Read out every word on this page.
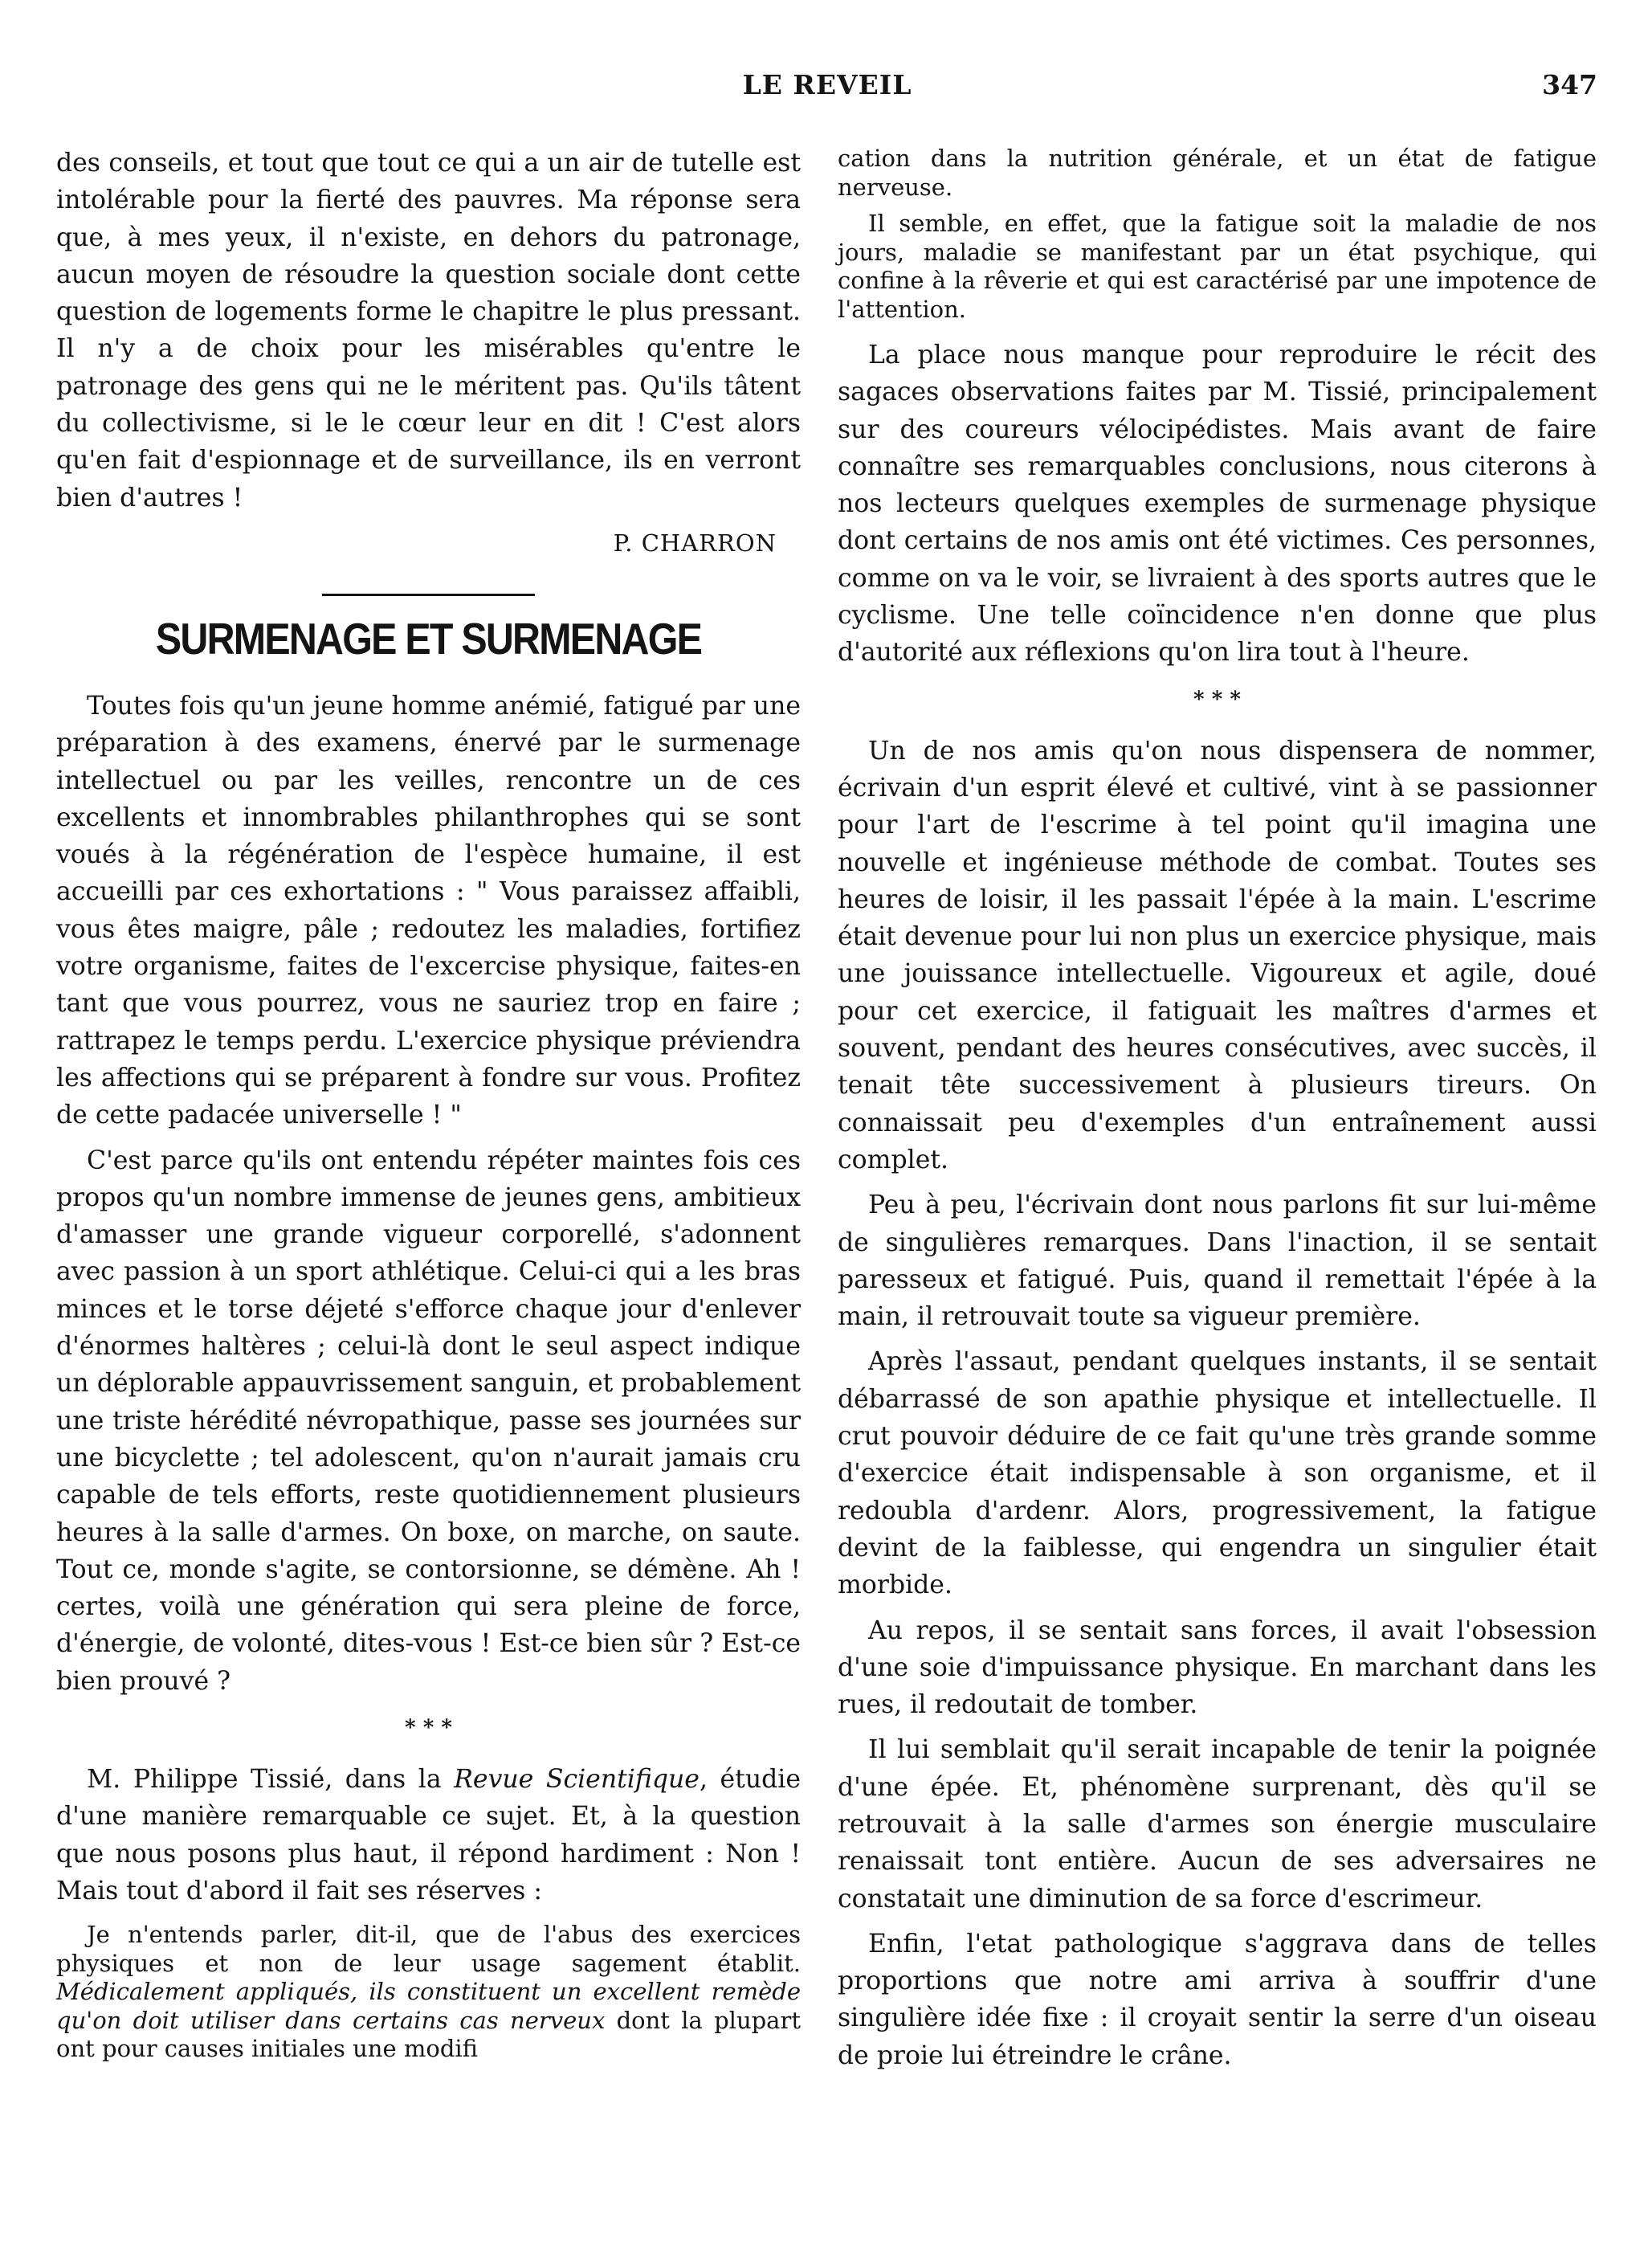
LE REVEIL	347

des conseils, et tout que tout ce qui a un air de tutelle est intolérable pour la fierté des pauvres. Ma réponse sera que, à mes yeux, il n'existe, en dehors du patronage, aucun moyen de résoudre la question sociale dont cette question de logements forme le chapitre le plus pressant. Il n'y a de choix pour les misérables qu'entre le patronage des gens qui ne le méritent pas. Qu'ils tâtent du collectivisme, si le le cœur leur en dit ! C'est alors qu'en fait d'espionnage et de surveillance, ils en verront bien d'autres !

P. CHARRON

SURMENAGE ET SURMENAGE

Toutes fois qu'un jeune homme anémié, fatigué par une préparation à des examens, énervé par le surmenage intellectuel ou par les veilles, rencontre un de ces excellents et innombrables philanthrophes qui se sont voués à la régénération de l'espèce humaine, il est accueilli par ces exhortations : " Vous paraissez affaibli, vous êtes maigre, pâle ; redoutez les maladies, fortifiez votre organisme, faites de l'excercise physique, faites-en tant que vous pourrez, vous ne sauriez trop en faire ; rattrapez le temps perdu. L'exercice physique préviendra les affections qui se préparent à fondre sur vous. Profitez de cette padacée universelle ! "

C'est parce qu'ils ont entendu répéter maintes fois ces propos qu'un nombre immense de jeunes gens, ambitieux d'amasser une grande vigueur corporellé, s'adonnent avec passion à un sport athlétique. Celui-ci qui a les bras minces et le torse déjeté s'efforce chaque jour d'enlever d'énormes haltères ; celui-là dont le seul aspect indique un déplorable appauvrissement sanguin, et probablement une triste hérédité névropathique, passe ses journées sur une bicyclette ; tel adolescent, qu'on n'aurait jamais cru capable de tels efforts, reste quotidiennement plusieurs heures à la salle d'armes. On boxe, on marche, on saute. Tout ce, monde s'agite, se contorsionne, se démène. Ah ! certes, voilà une génération qui sera pleine de force, d'énergie, de volonté, dites-vous ! Est-ce bien sûr ? Est-ce bien prouvé ?

* * *

M. Philippe Tissié, dans la Revue Scientifique, étudie d'une manière remarquable ce sujet. Et, à la question que nous posons plus haut, il répond hardiment : Non ! Mais tout d'abord il fait ses réserves :

Je n'entends parler, dit-il, que de l'abus des exercices physiques et non de leur usage sagement établit. Médicalement appliqués, ils constituent un excellent remède qu'on doit utiliser dans certains cas nerveux dont la plupart ont pour causes initiales une modifi

cation dans la nutrition générale, et un état de fatigue nerveuse.

Il semble, en effet, que la fatigue soit la maladie de nos jours, maladie se manifestant par un état psychique, qui confine à la rêverie et qui est caractérisé par une impotence de l'attention.

La place nous manque pour reproduire le récit des sagaces observations faites par M. Tissié, principalement sur des coureurs vélocipédistes. Mais avant de faire connaître ses remarquables conclusions, nous citerons à nos lecteurs quelques exemples de surmenage physique dont certains de nos amis ont été victimes. Ces personnes, comme on va le voir, se livraient à des sports autres que le cyclisme. Une telle coïncidence n'en donne que plus d'autorité aux réflexions qu'on lira tout à l'heure.

* * *

Un de nos amis qu'on nous dispensera de nommer, écrivain d'un esprit élevé et cultivé, vint à se passionner pour l'art de l'escrime à tel point qu'il imagina une nouvelle et ingénieuse méthode de combat. Toutes ses heures de loisir, il les passait l'épée à la main. L'escrime était devenue pour lui non plus un exercice physique, mais une jouissance intellectuelle. Vigoureux et agile, doué pour cet exercice, il fatiguait les maîtres d'armes et souvent, pendant des heures consécutives, avec succès, il tenait tête successivement à plusieurs tireurs. On connaissait peu d'exemples d'un entraînement aussi complet.

Peu à peu, l'écrivain dont nous parlons fit sur lui-même de singulières remarques. Dans l'inaction, il se sentait paresseux et fatigué. Puis, quand il remettait l'épée à la main, il retrouvait toute sa vigueur première.

Après l'assaut, pendant quelques instants, il se sentait débarrassé de son apathie physique et intellectuelle. Il crut pouvoir déduire de ce fait qu'une très grande somme d'exercice était indispensable à son organisme, et il redoubla d'ardenr. Alors, progressivement, la fatigue devint de la faiblesse, qui engendra un singulier était morbide.

Au repos, il se sentait sans forces, il avait l'obsession d'une soie d'impuissance physique. En marchant dans les rues, il redoutait de tomber.

Il lui semblait qu'il serait incapable de tenir la poignée d'une épée. Et, phénomène surprenant, dès qu'il se retrouvait à la salle d'armes son énergie musculaire renaissait tont entière. Aucun de ses adversaires ne constatait une diminution de sa force d'escrimeur.

Enfin, l'etat pathologique s'aggrava dans de telles proportions que notre ami arriva à souffrir d'une singulière idée fixe : il croyait sentir la serre d'un oiseau de proie lui étreindre le crâne.
